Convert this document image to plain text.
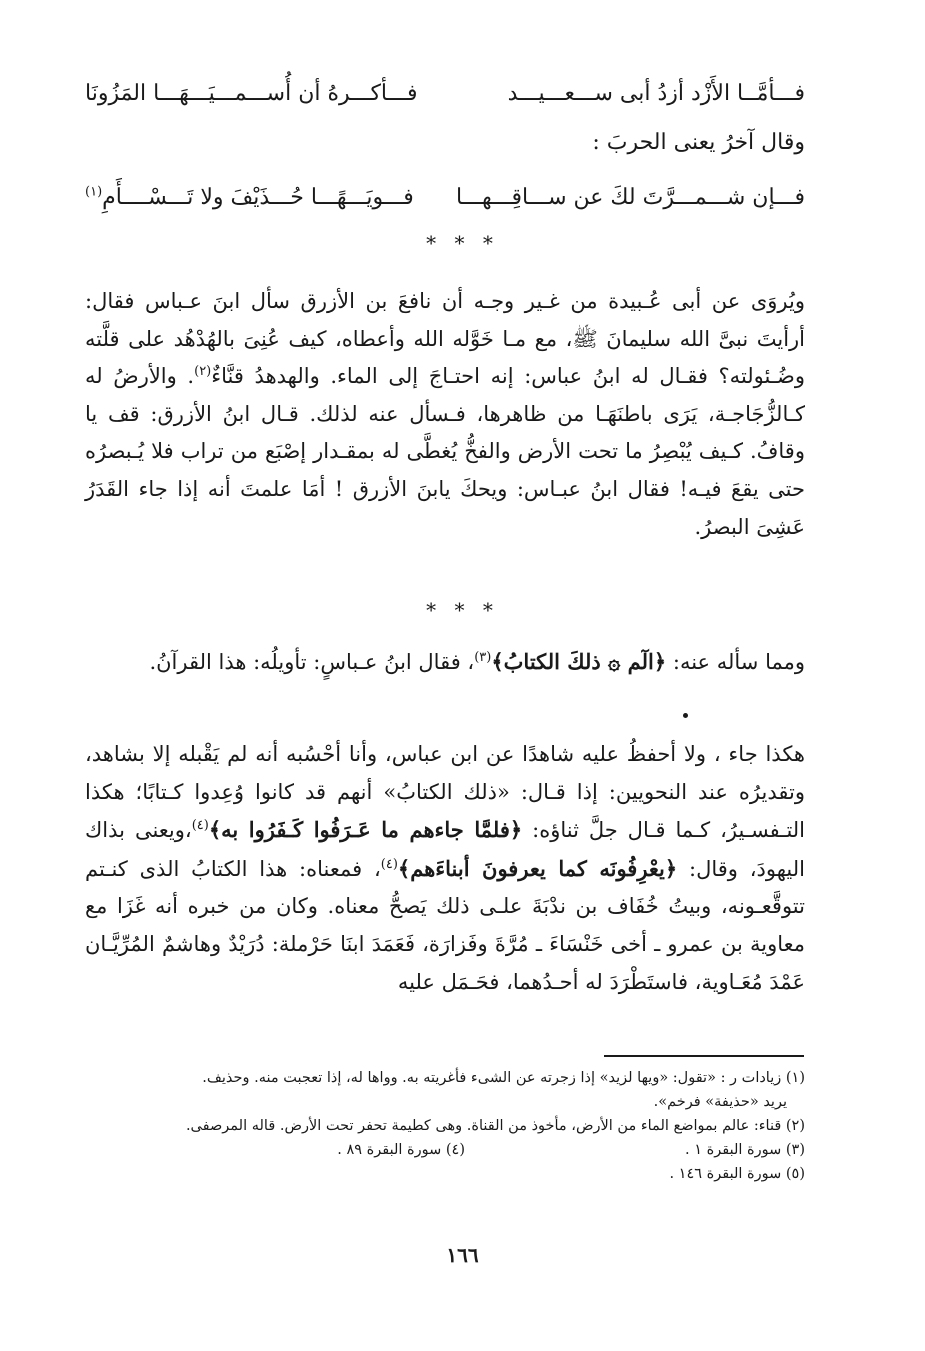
فـــأمَّــا الأَزْد أزدُ أبى ســـعـــيـــد
فـــأكـــرهُ أن أُســـمـــيَـــهَـــا المَزُونَا
وقال آخرُ يعنى الحربَ :
فـــإن شـــمـــرَّتَ لكَ عن ســـاقِـــهـــا
فـــويَـــهًـــا حُـــذَيْفَ ولا تَـــسْــــأَمِ$^{(١)}$
* * *

ويُروَى عن أبى عُـبيدة من غـير وجـه أن نافعَ بن الأزرق سأل ابنَ عـباس فقال: أرأيتَ نبىَّ الله سليمانَ ﷺ، مع مـا خَوَّله الله وأعطاه، كيف عُنِىَ بالهُدْهُد على قلَّته وضُـئولته؟ فقـال له ابنُ عباس: إنه احتـاجَ إلى الماء. والهدهدُ قنَّاءٌ$^{(٢)}$. والأرضُ له كـالزُّجَاجـة، يَرَى باطنَهَـا من ظاهرها، فـسأل عنه لذلك. قـال ابنُ الأزرق: قف يا وقافُ. كـيف يُبْصِرُ ما تحت الأرض والفخُّ يُغطَّى له بمقـدار إصْبَع من تراب فلا يُـبصرُه حتى يقعَ فيـه! فقال ابنُ عبـاس: ويحكَ يابنَ الأزرق ! أمَا علمتَ أنه إذا جاء القَدَرُ عَشِىَ البصرُ.

* * *

ومما سأله عنه: ﴿الٓم ۞ ذلكَ الكتابُ﴾$^{(٣)}$، فقال ابنُ عـباسٍ: تأويلُه: هذا القرآنُ.

هكذا جاء ، ولا أحفظُ عليه شاهدًا عن ابن عباس، وأنا أحْسُبه أنه لم يَقْبله إلا بشاهد، وتقديرُه عند النحويين: إذا قـال: «ذلك الكتابُ» أنهم قد كانوا وُعِدوا كـتابًا؛ هكذا التـفسـيرُ، كـما قـال جلَّ ثناؤه: ﴿فلمَّا جاءهم ما عَـرَفُوا كَـفَرُوا به﴾$^{(٤)}$،ويعنى بذاك اليهودَ، وقال: ﴿يعْرِفُونَه كما يعرفونَ أبناءَهم﴾$^{(٤)}$، فمعناه: هذا الكتابُ الذى كنـتم تتوقَّعـونه، وبيتُ خُفَاف بن ندْبَةَ علـى ذلك يَصحُّ معناه. وكان من خبره أنه غَزَا مع معاوية بن عمرو ـ أخى خَنْسَاءَ ـ مُرَّةَ وفَزارَة، فَعَمَدَ ابنَا حَرْملة: دُرَيْدٌ وهاشمٌ المُرِّيَّـان عَمْدَ مُعَـاوية، فاستَطْرَدَ له أحـدُهما، فحَـمَل عليه

(١) زيادات ر : «تقول: «ويها لزيد» إذا زجرته عن الشىء فأغريته به. وواها له، إذا تعجبت منه. وحذيف.

يريد «حذيفة» فرخم».

(٢) قناء: عالم بمواضع الماء من الأرض، مأخوذ من القناة. وهى كطيمة تحفر تحت الأرض. قاله المرصفى.

(٣) سورة البقرة ١ .
(٤) سورة البقرة ٨٩ .

(٥) سورة البقرة ١٤٦ .

١٦٦
